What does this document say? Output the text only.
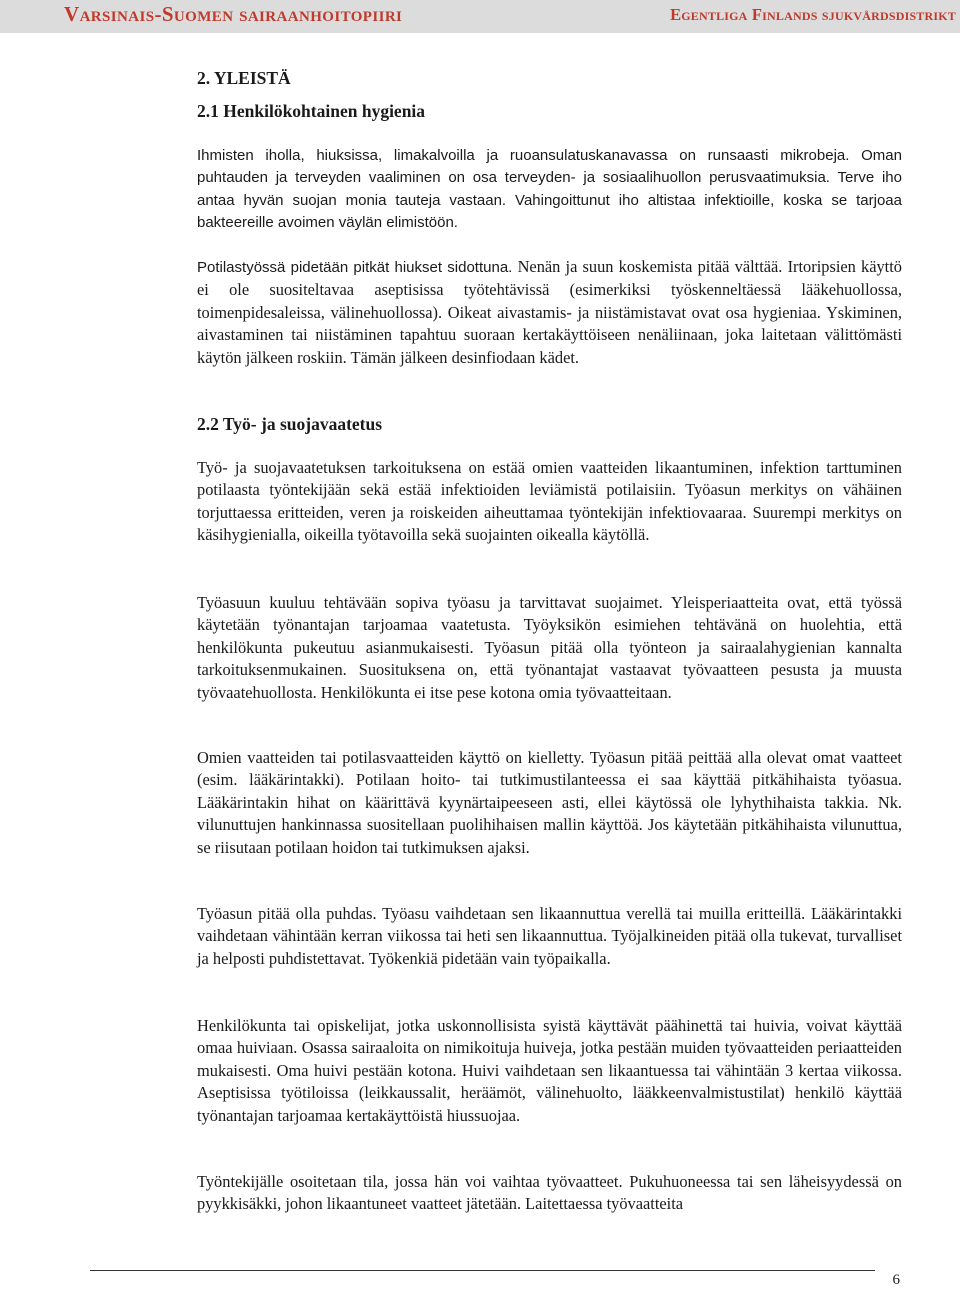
Varsinais-Suomen sairaanhoitopiiri	Egentliga Finlands sjukvårdsdistrikt
2. YLEISTÄ
2.1 Henkilökohtainen hygienia

Ihmisten iholla, hiuksissa, limakalvoilla ja ruoansulatuskanavassa on runsaasti mikrobeja. Oman puhtauden ja terveyden vaaliminen on osa terveyden- ja sosiaalihuollon perusvaatimuksia. Terve iho antaa hyvän suojan monia tauteja vastaan. Vahingoittunut iho altistaa infektioille, koska se tarjoaa bakteereille avoimen väylän elimistöön.

Potilastyössä pidetään pitkät hiukset sidottuna. Nenän ja suun koskemista pitää välttää. Irtoripsien käyttö ei ole suositeltavaa aseptisissa työtehtävissä (esimerkiksi työskenneltäessä lääkehuollossa, toimenpidesaleissa, välinehuollossa). Oikeat aivastamis- ja niistämistavat ovat osa hygieniaa. Yskiminen, aivastaminen tai niistäminen tapahtuu suoraan kertakäyttöiseen nenäliinaan, joka laitetaan välittömästi käytön jälkeen roskiin. Tämän jälkeen desinfiodaan kädet.

2.2 Työ- ja suojavaatetus

Työ- ja suojavaatetuksen tarkoituksena on estää omien vaatteiden likaantuminen, infektion tarttuminen potilaasta työntekijään sekä estää infektioiden leviämistä potilaisiin. Työasun merkitys on vähäinen torjuttaessa eritteiden, veren ja roiskeiden aiheuttamaa työntekijän infektiovaaraa. Suurempi merkitys on käsihygienialla, oikeilla työtavoilla sekä suojainten oikealla käytöllä.

Työasuun kuuluu tehtävään sopiva työasu ja tarvittavat suojaimet. Yleisperiaatteita ovat, että työssä käytetään työnantajan tarjoamaa vaatetusta. Työyksikön esimiehen tehtävänä on huolehtia, että henkilökunta pukeutuu asianmukaisesti. Työasun pitää olla työnteon ja sairaalahygienian kannalta tarkoituksenmukainen. Suosituksena on, että työnantajat vastaavat työvaatteen pesusta ja muusta työvaatehuollosta. Henkilökunta ei itse pese kotona omia työvaatteitaan.

Omien vaatteiden tai potilasvaatteiden käyttö on kielletty. Työasun pitää peittää alla olevat omat vaatteet (esim. lääkärintakki). Potilaan hoito- tai tutkimustilanteessa ei saa käyttää pitkähihaista työasua. Lääkärintakin hihat on käärittävä kyynärtaipeeseen asti, ellei käytössä ole lyhythihaista takkia. Nk. vilunuttujen hankinnassa suositellaan puolihihaisen mallin käyttöä. Jos käytetään pitkähihaista vilunuttua, se riisutaan potilaan hoidon tai tutkimuksen ajaksi.

Työasun pitää olla puhdas. Työasu vaihdetaan sen likaannuttua verellä tai muilla eritteillä. Lääkärintakki vaihdetaan vähintään kerran viikossa tai heti sen likaannuttua. Työjalkineiden pitää olla tukevat, turvalliset ja helposti puhdistettavat. Työkenkiä pidetään vain työpaikalla.

Henkilökunta tai opiskelijat, jotka uskonnollisista syistä käyttävät päähinettä tai huivia, voivat käyttää omaa huiviaan. Osassa sairaaloita on nimikoituja huiveja, jotka pestään muiden työvaatteiden periaatteiden mukaisesti. Oma huivi pestään kotona. Huivi vaihdetaan sen likaantuessa tai vähintään 3 kertaa viikossa. Aseptisissa työtiloissa (leikkaussalit, heräämöt, välinehuolto, lääkkeenvalmistustilat) henkilö käyttää työnantajan tarjoamaa kertakäyttöistä hiussuojaa.

Työntekijälle osoitetaan tila, jossa hän voi vaihtaa työvaatteet. Pukuhuoneessa tai sen läheisyydessä on pyykkisäkki, johon likaantuneet vaatteet jätetään. Laitettaessa työvaatteita

6
